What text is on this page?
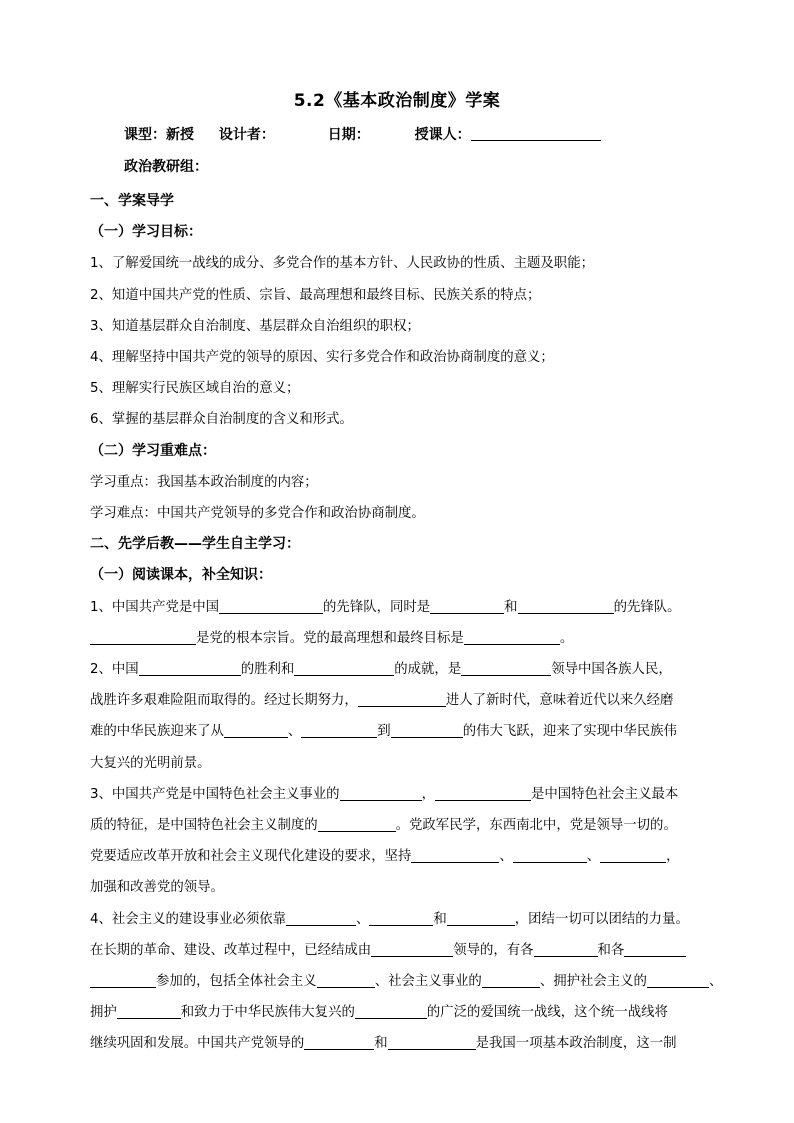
5.2《基本政治制度》学案
课型：新授 设计者：	日期：	授课人：
政治教研组：
一、学案导学
（一）学习目标：
1、了解爱国统一战线的成分、多党合作的基本方针、人民政协的性质、主题及职能；
2、知道中国共产党的性质、宗旨、最高理想和最终目标、民族关系的特点；
3、知道基层群众自治制度、基层群众自治组织的职权；
4、理解坚持中国共产党的领导的原因、实行多党合作和政治协商制度的意义；
5、理解实行民族区域自治的意义；
6、掌握的基层群众自治制度的含义和形式。
（二）学习重难点：
学习重点：我国基本政治制度的内容；
学习难点：中国共产党领导的多党合作和政治协商制度。
二、先学后教——学生自主学习：
（一）阅读课本，补全知识：
1、中国共产党是中国	的先锋队，同时是	和	的先锋队。
是党的根本宗旨。党的最高理想和最终目标是	。
2、中国	的胜利和	的成就，是	领导中国各族人民，
战胜许多艰难险阻而取得的。经过长期努力，	进人了新时代，意味着近代以来久经磨
难的中华民族迎来了从	、	到	的伟大飞跃，迎来了实现中华民族伟
大复兴的光明前景。
3、中国共产党是中国特色社会主义事业的	，	是中国特色社会主义最本
质的特征，是中国特色社会主义制度的	。党政军民学，东西南北中，党是领导一切的。
党要适应改革开放和社会主义现代化建设的要求，坚持	、	、	，
加强和改善党的领导。
4、社会主义的建设事业必须依靠	、	和	，团结一切可以团结的力量。
在长期的革命、建设、改革过程中，已经结成由	领导的，有各	和各
参加的，包括全体社会主义	、社会主义事业的	、拥护社会主义的	、
拥护	和致力于中华民族伟大复兴的	的广泛的爱国统一战线，这个统一战线将
继续巩固和发展。中国共产党领导的	和	是我国一项基本政治制度，这一制
